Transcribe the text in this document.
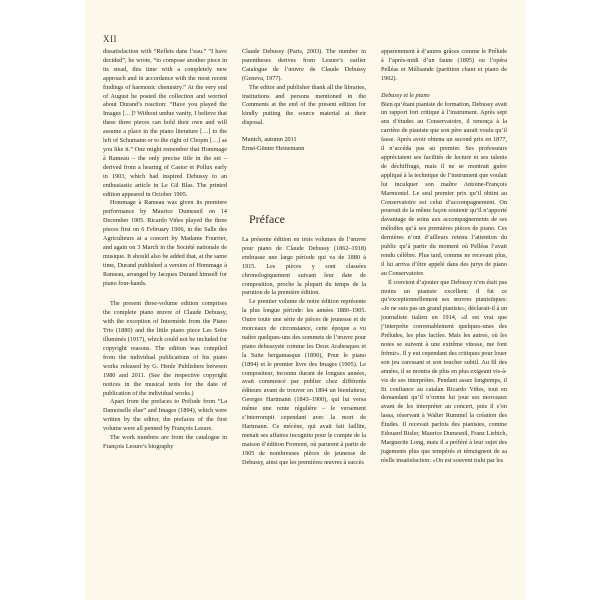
XII

dissatisfaction with “Reflets dans l’eau.” “I have decided”, he wrote, “to compose another piece in its stead, this time with a completely new approach and in accordance with the most recent findings of harmonic chemistry.” At the very end of August he posted the collection and worried about Durand’s reaction: “Have you played the Images […]? Without undue vanity, I believe that these three pieces can hold their own and will assume a place in the piano literature […] to the left of Schumann or to the right of Chopin […] as you like it.” One might remember that Hommage à Rameau – the only precise title in the set – derived from a hearing of Castor et Pollux early in 1903, which had inspired Debussy to an enthusiastic article in Le Gil Blas. The printed edition appeared in October 1905.

Hommage à Rameau was given its premiere performance by Maurice Dumesnil on 14 December 1905. Ricardo Viñes played the three pieces first on 6 February 1906, in the Salle des Agriculteurs at a concert by Madame Fourrier, and again on 3 March in the Société nationale de musique. It should also be added that, at the same time, Durand published a version of Hommage à Rameau, arranged by Jacques Durand himself for piano four-hands.

The present three-volume edition comprises the complete piano œuvre of Claude Debussy, with the exception of Intermède from the Piano Trio (1880) and the little piano piece Les Soirs illuminés (1917), which could not be included for copyright reasons. The edition was compiled from the individual publications of his piano works released by G. Henle Publishers between 1980 and 2011. (See the respective copyright notices in the musical texts for the date of publication of the individual works.)

Apart from the prefaces to Prélude from “La Damoiselle élue” and Images (1894), which were written by the editor, the prefaces of the first volume were all penned by François Lesure.

The work numbers are from the catalogue in François Lesure’s biography

Claude Debussy (Paris, 2003). The number in parentheses derives from Lesure’s earlier Catalogue de l’œuvre de Claude Debussy (Geneva, 1977).

The editor and publisher thank all the libraries, institutions and persons mentioned in the Comments at the end of the present edition for kindly putting the source material at their disposal.

Munich, autumn 2011

Ernst-Günter Heinemann

Préface

La présente édition en trois volumes de l’œuvre pour piano de Claude Debussy (1862–1918) embrasse une large période qui va de 1880 à 1915. Les pièces y sont classées chronologiquement suivant leur date de composition, proche la plupart du temps de la parution de la première édition.

Le premier volume de notre édition représente la plus longue période: les années 1880–1905. Outre toute une série de pièces de jeunesse et de morceaux de circonstance, cette époque a vu naître quelques-uns des sommets de l’œuvre pour piano debussyste comme les Deux Arabesques et la Suite bergamasque (1890), Pour le piano (1894) et le premier livre des Images (1905). Le compositeur, inconnu durant de longues années, avait commencé par publier chez différents éditeurs avant de trouver en 1894 un bienfaiteur, Georges Hartmann (1843–1900), qui lui versa même une rente régulière – le versement s’interrompit cependant avec la mort de Hartmann. Ce mécène, qui avait fait faillite, menait ses affaires incognito pour le compte de la maison d’édition Fromont, où parurent à partir de 1905 de nombreuses pièces de jeunesse de Debussy, ainsi que les premières œuvres à succès

apparemment à d’autres grâces comme le Prélude à l’après-midi d’un faune (1895) ou l’opéra Pelléas et Mélisande (partition chant et piano de 1902).

Debussy et le piano

Bien qu’étant pianiste de formation, Debussy avait un rapport fort critique à l’instrument. Après sept ans d’études au Conservatoire, il renonça à la carrière de pianiste que son père aurait voulu qu’il fasse. Après avoir obtenu un second prix en 1877, il n’accéda pas au premier. Ses professeurs appréciaient ses facilités de lecture et ses talents de déchiffrage, mais il ne se montrait guère appliqué à la technique de l’instrument que voulait lui inculquer son maître Antoine-François Marmontel. Le seul premier prix qu’il obtint au Conservatoire est celui d’accompagnement. On pourrait de la même façon soutenir qu’il n’apporté davantage de soins aux accompagnements de ses mélodies qu’à ses premières pièces de piano. Ces dernières n’ont d’ailleurs retenu l’attention du public qu’à partir du moment où Pelléas l’avait rendu célèbre. Plus tard, comme ne recevant plus, il lui arriva d’être appelé dans des jurys de piano au Conservatoire.

Il convient d’ajouter que Debussy n’en était pas moins un pianiste excellent: il fut ce qu’exceptionnellement ses œuvres pianistiques: «Je ne suis pas un grand pianiste», déclarait-il à un journaliste italien en 1914, «il est vrai que j’interprète convenablement quelques-unes des Préludes, les plus faciles. Mais les autres, où les notes se suivent à une extrême vitesse, me font frémir». Il y eut cependant des critiques pour louer son jeu caressant et son toucher subtil. Au fil des années, il se montra de plus en plus exigeant vis-à-vis de ses interprètes. Pendant assez longtemps, il fit confiance au catalan Ricardo Viñes, tout en demandant qu’il n’ornne lui joue ses morceaux avant de les interpréter au concert, puis il s’en lassa, réservant à Walter Rummel la création des Études. Il recevait parfois des pianistes, comme Edouard Risler, Maurice Dumesnil, Franz Liebich, Marguerite Long, mais il a préféré à leur sujet des jugements plus que tempérés et témoignent de sa réelle insatisfaction: «On est souvent trahi par les
